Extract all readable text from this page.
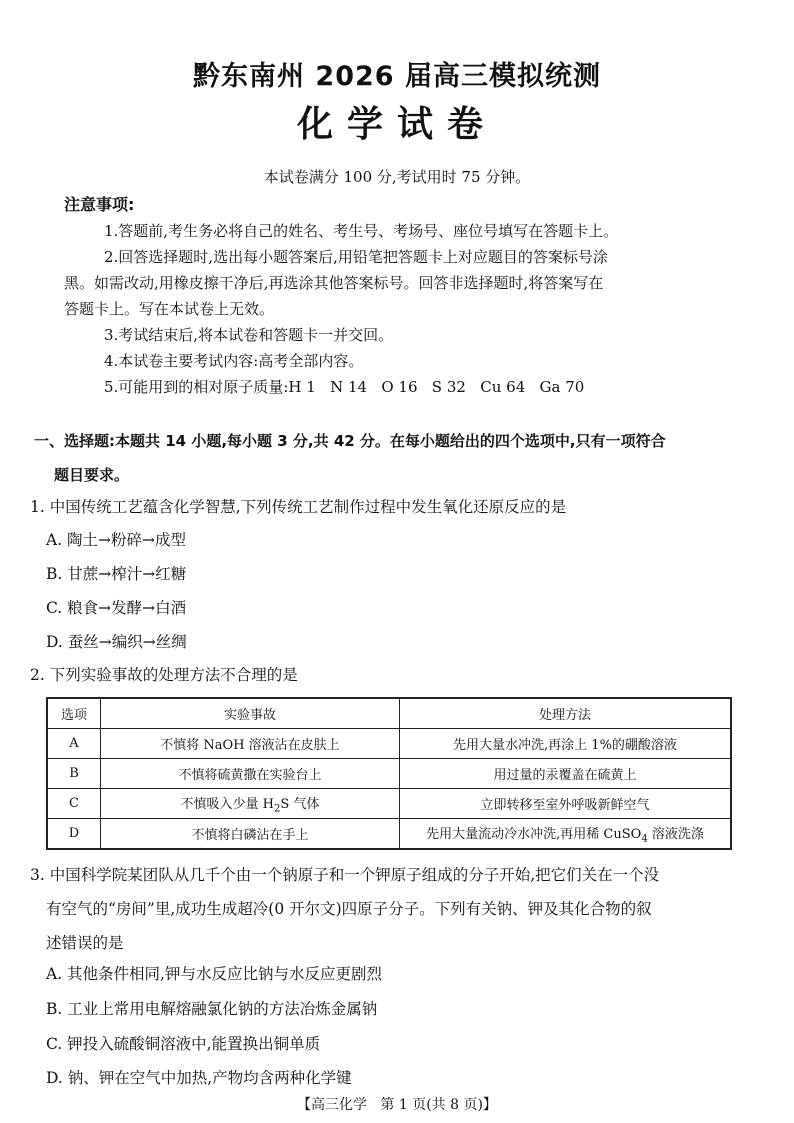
黔东南州 2026 届高三模拟统测
化学试卷
本试卷满分 100 分,考试用时 75 分钟。
注意事项:
1.答题前,考生务必将自己的姓名、考生号、考场号、座位号填写在答题卡上。
2.回答选择题时,选出每小题答案后,用铅笔把答题卡上对应题目的答案标号涂
黑。如需改动,用橡皮擦干净后,再选涂其他答案标号。回答非选择题时,将答案写在
答题卡上。写在本试卷上无效。
3.考试结束后,将本试卷和答题卡一并交回。
4.本试卷主要考试内容:高考全部内容。
5.可能用到的相对原子质量:H 1   N 14   O 16   S 32   Cu 64   Ga 70
一、选择题:本题共 14 小题,每小题 3 分,共 42 分。在每小题给出的四个选项中,只有一项符合
题目要求。
1. 中国传统工艺蕴含化学智慧,下列传统工艺制作过程中发生氧化还原反应的是
A. 陶土→粉碎→成型
B. 甘蔗→榨汁→红糖
C. 粮食→发酵→白酒
D. 蚕丝→编织→丝绸
2. 下列实验事故的处理方法不合理的是
选项	实验事故	处理方法
A	不慎将 NaOH 溶液沾在皮肤上	先用大量水冲洗,再涂上 1%的硼酸溶液
B	不慎将硫黄撒在实验台上	用过量的汞覆盖在硫黄上
C	不慎吸入少量 $H_2S$ 气体	立即转移至室外呼吸新鲜空气
D	不慎将白磷沾在手上	先用大量流动冷水冲洗,再用稀 CuSO$_4$ 溶液洗涤
3. 中国科学院某团队从几千个由一个钠原子和一个钾原子组成的分子开始,把它们关在一个没
有空气的“房间”里,成功生成超冷(0 开尔文)四原子分子。下列有关钠、钾及其化合物的叙
述错误的是
A. 其他条件相同,钾与水反应比钠与水反应更剧烈
B. 工业上常用电解熔融氯化钠的方法冶炼金属钠
C. 钾投入硫酸铜溶液中,能置换出铜单质
D. 钠、钾在空气中加热,产物均含两种化学键
【高三化学   第 1 页(共 8 页)】
